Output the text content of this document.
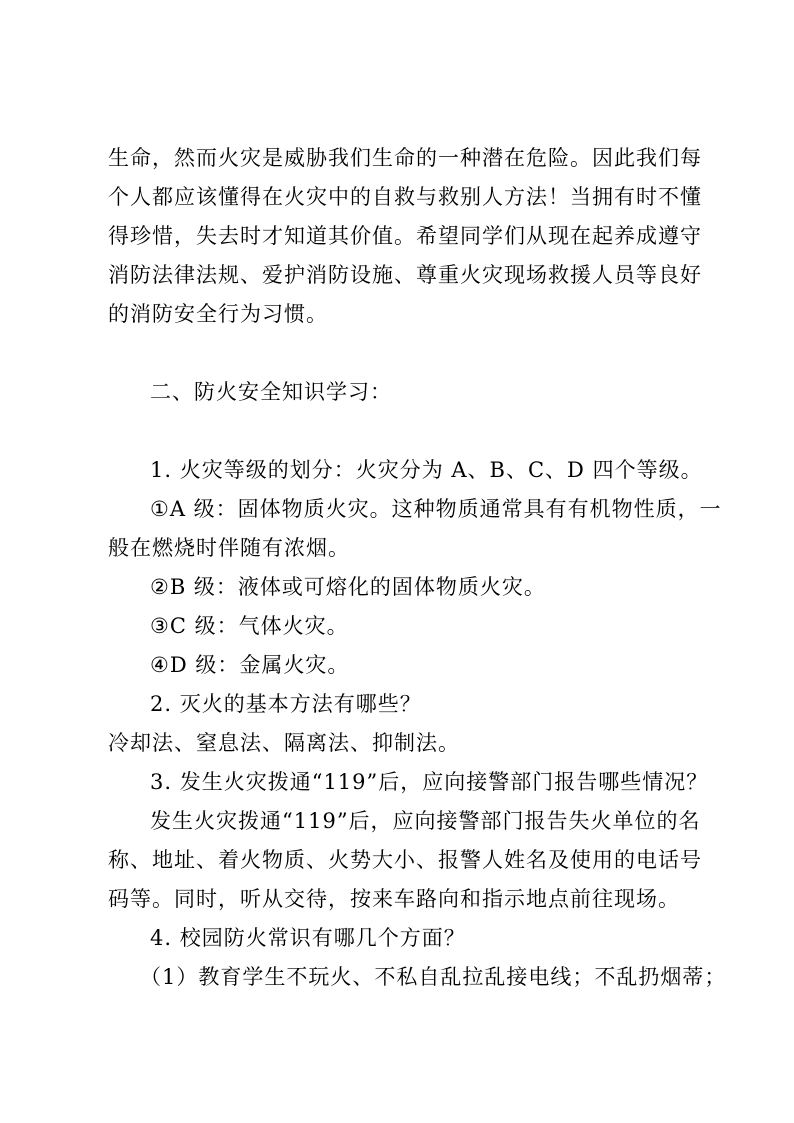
生命，然而火灾是威胁我们生命的一种潜在危险。因此我们每
个人都应该懂得在火灾中的自救与救别人方法！当拥有时不懂
得珍惜，失去时才知道其价值。希望同学们从现在起养成遵守
消防法律法规、爱护消防设施、尊重火灾现场救援人员等良好
的消防安全行为习惯。
二、防火安全知识学习：
1. 火灾等级的划分：火灾分为 A、B、C、D 四个等级。
①A 级：固体物质火灾。这种物质通常具有有机物性质，一
般在燃烧时伴随有浓烟。
②B 级：液体或可熔化的固体物质火灾。
③C 级：气体火灾。
④D 级：金属火灾。
2. 灭火的基本方法有哪些？
冷却法、窒息法、隔离法、抑制法。
3. 发生火灾拨通“119”后，应向接警部门报告哪些情况？
发生火灾拨通“119”后，应向接警部门报告失火单位的名
称、地址、着火物质、火势大小、报警人姓名及使用的电话号
码等。同时，听从交待，按来车路向和指示地点前往现场。
4. 校园防火常识有哪几个方面？
（1）教育学生不玩火、不私自乱拉乱接电线；不乱扔烟蒂；
